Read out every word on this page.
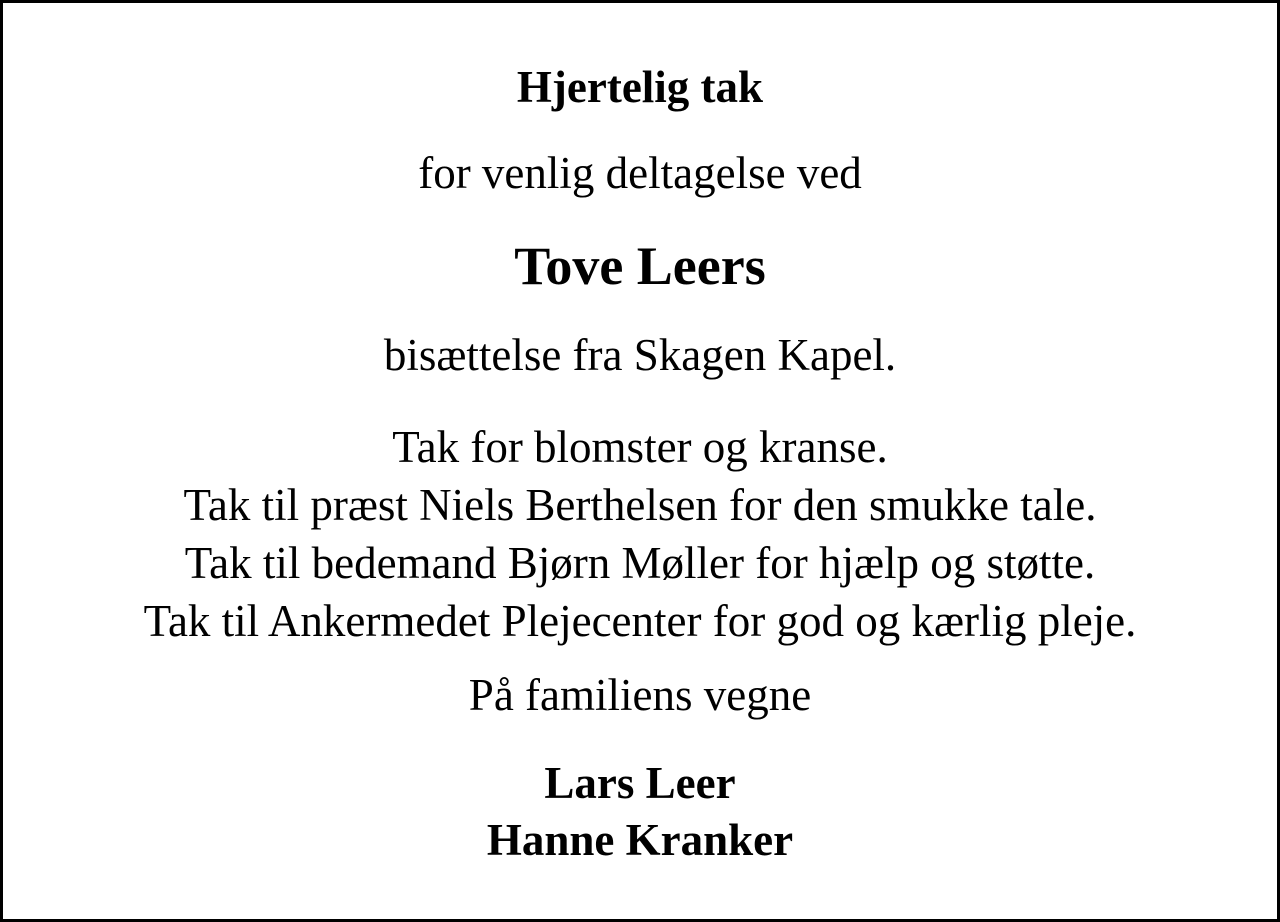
Hjertelig tak
for venlig deltagelse ved
Tove Leers
bisættelse fra Skagen Kapel.
Tak for blomster og kranse.
Tak til præst Niels Berthelsen for den smukke tale.
Tak til bedemand Bjørn Møller for hjælp og støtte.
Tak til Ankermedet Plejecenter for god og kærlig pleje.
På familiens vegne
Lars Leer
Hanne Kranker
